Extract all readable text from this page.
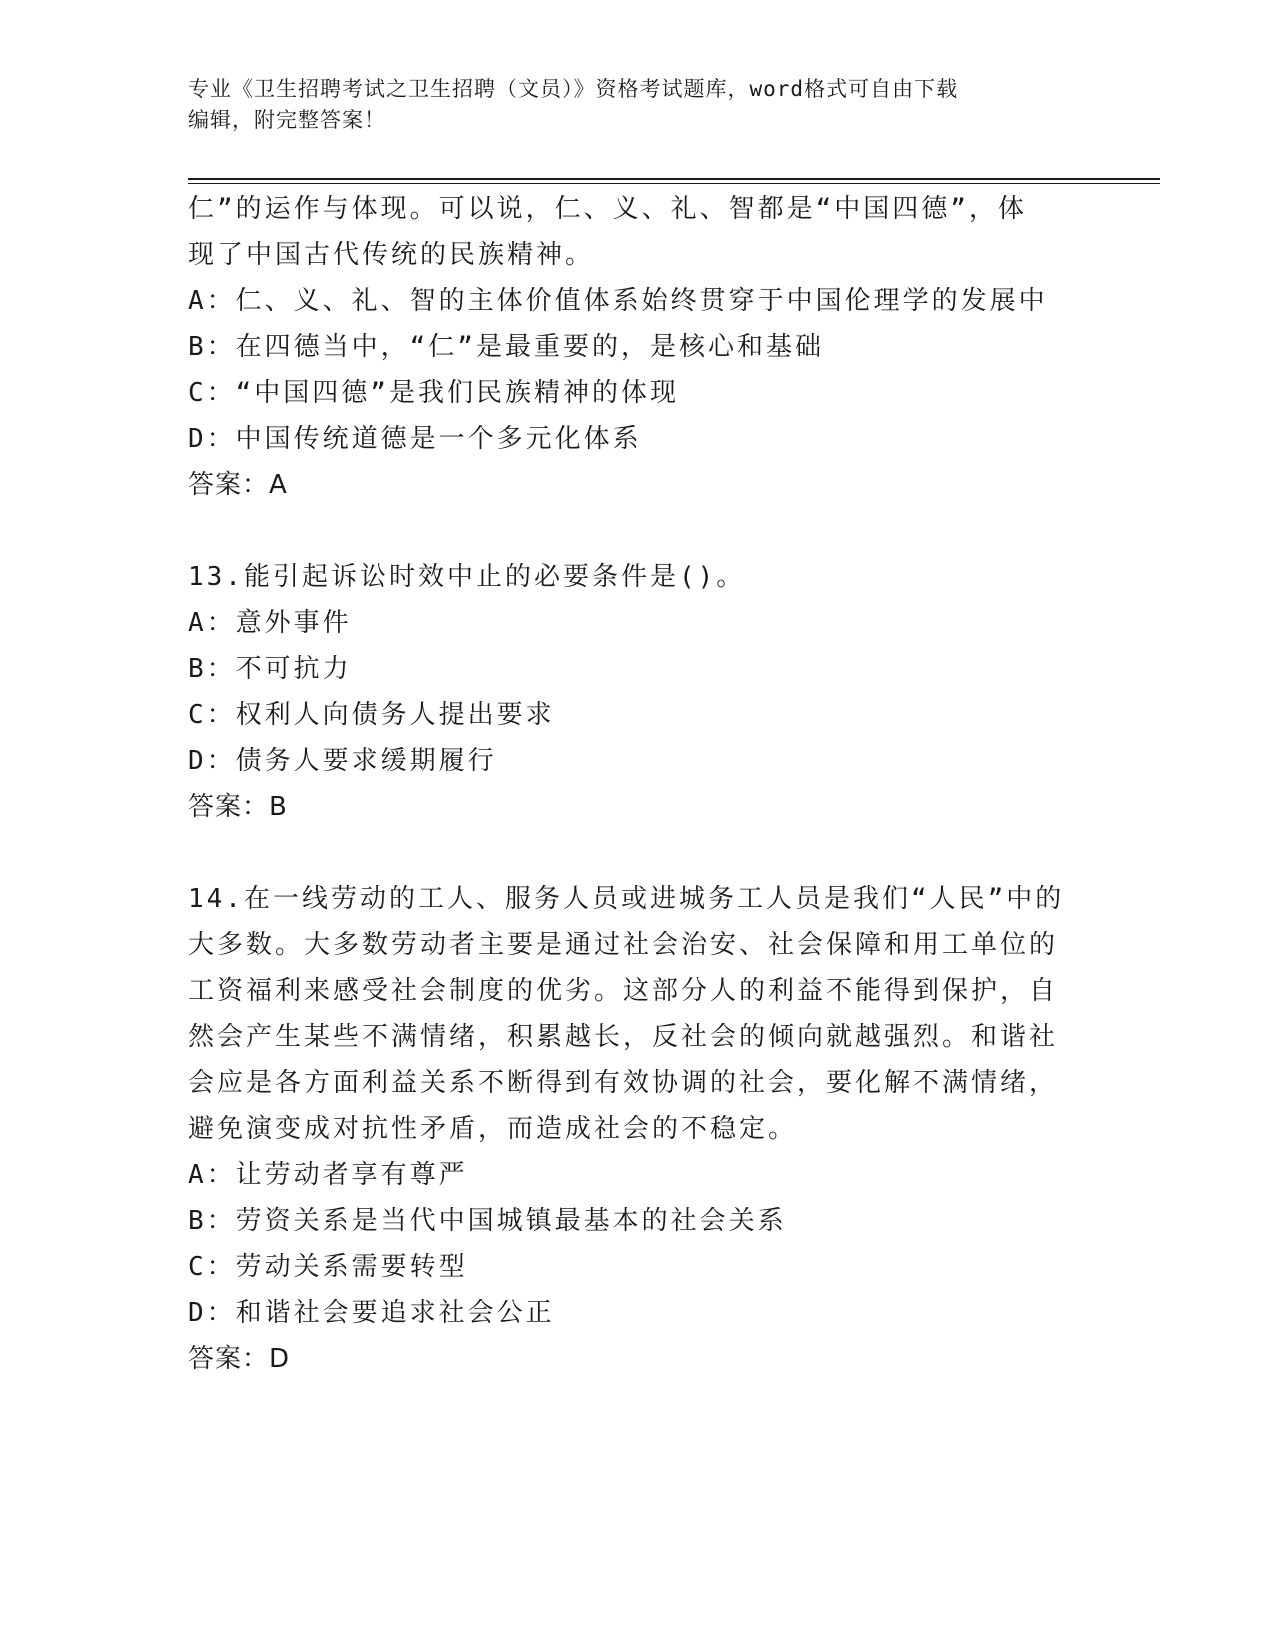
专业《卫生招聘考试之卫生招聘（文员）》资格考试题库，word格式可自由下载
编辑，附完整答案！
仁”的运作与体现。可以说，仁、义、礼、智都是“中国四德”，体
现了中国古代传统的民族精神。
A：仁、义、礼、智的主体价值体系始终贯穿于中国伦理学的发展中
B：在四德当中，“仁”是最重要的，是核心和基础
C：“中国四德”是我们民族精神的体现
D：中国传统道德是一个多元化体系
答案：A
13.能引起诉讼时效中止的必要条件是()。
A：意外事件
B：不可抗力
C：权利人向债务人提出要求
D：债务人要求缓期履行
答案：B
14.在一线劳动的工人、服务人员或进城务工人员是我们“人民”中的
大多数。大多数劳动者主要是通过社会治安、社会保障和用工单位的
工资福利来感受社会制度的优劣。这部分人的利益不能得到保护，自
然会产生某些不满情绪，积累越长，反社会的倾向就越强烈。和谐社
会应是各方面利益关系不断得到有效协调的社会，要化解不满情绪，
避免演变成对抗性矛盾，而造成社会的不稳定。
A：让劳动者享有尊严
B：劳资关系是当代中国城镇最基本的社会关系
C：劳动关系需要转型
D：和谐社会要追求社会公正
答案：D
